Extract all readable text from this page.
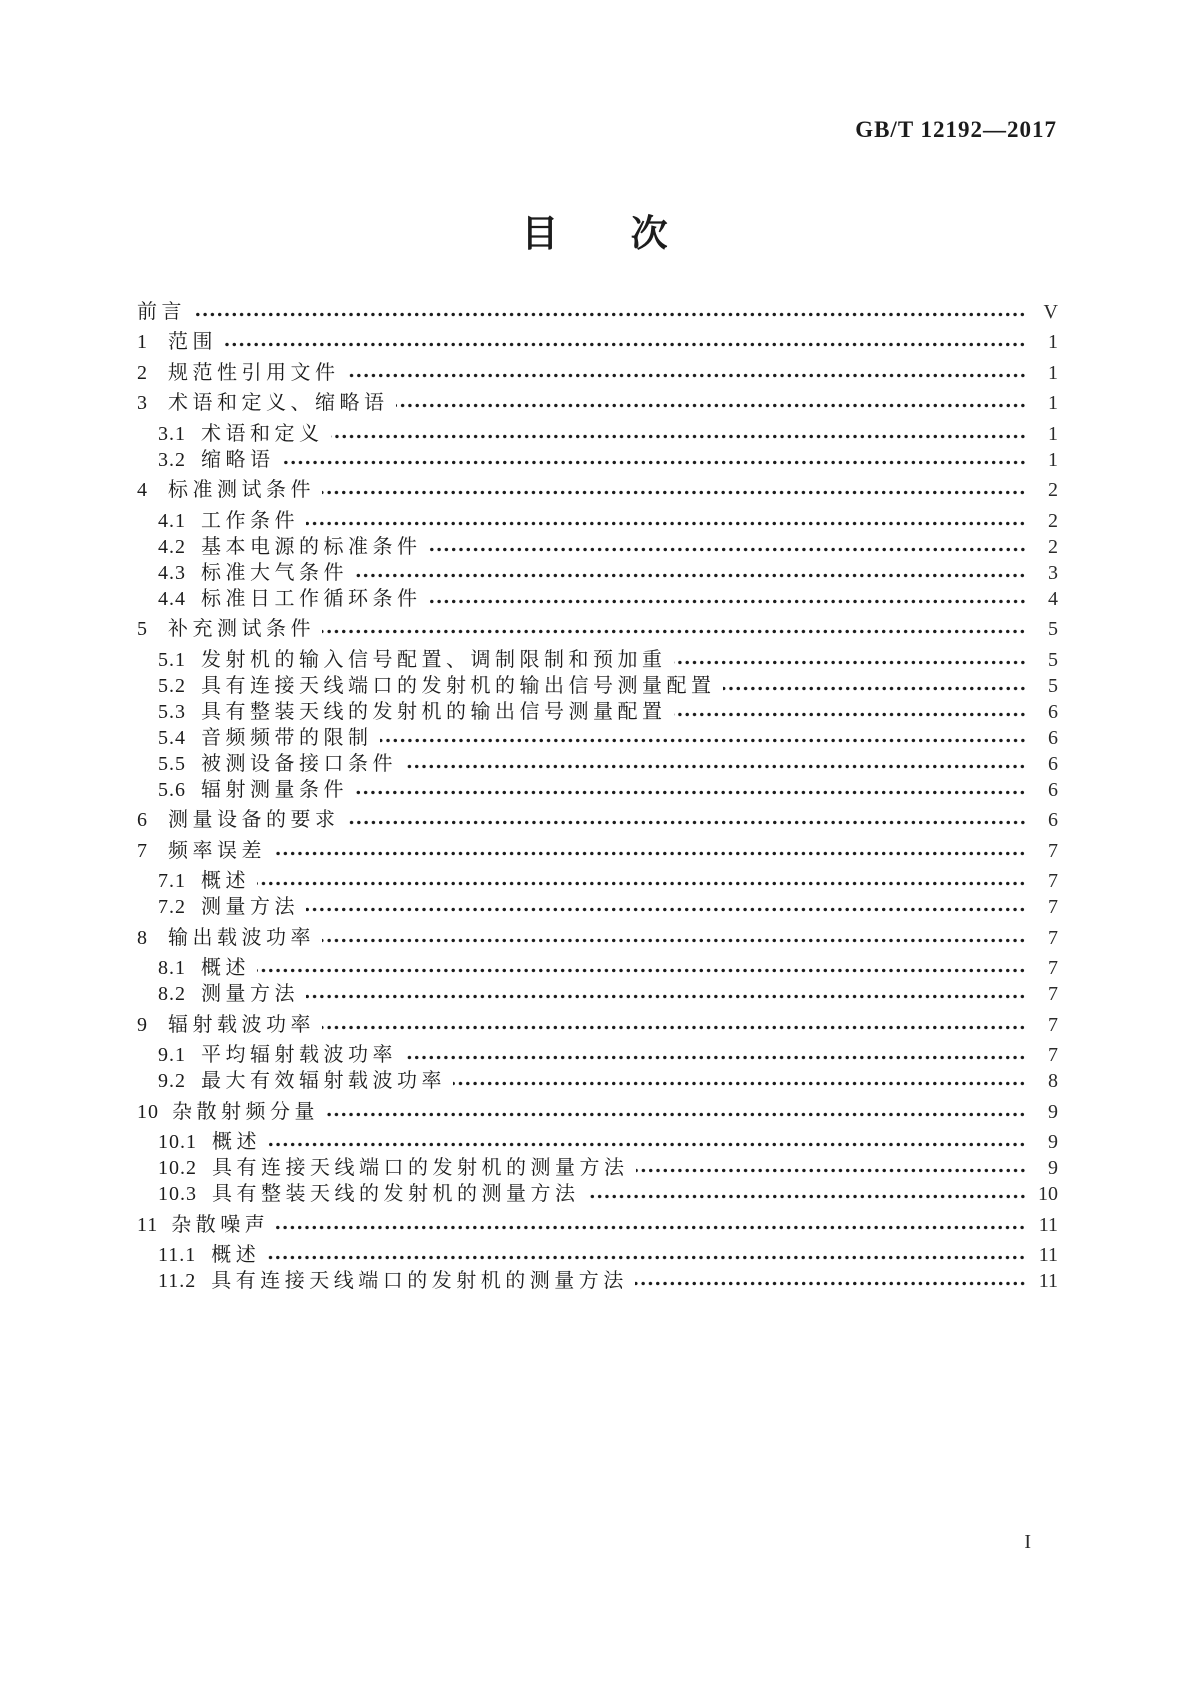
GB/T 12192—2017
目 次
前言	V
1	范围	1
2	规范性引用文件	1
3	术语和定义、缩略语	1
3.1 术语和定义	1
3.2 缩略语	1
4	标准测试条件	2
4.1 工作条件	2
4.2 基本电源的标准条件	2
4.3 标准大气条件	3
4.4 标准日工作循环条件	4
5	补充测试条件	5
5.1 发射机的输入信号配置、调制限制和预加重	5
5.2 具有连接天线端口的发射机的输出信号测量配置	5
5.3 具有整装天线的发射机的输出信号测量配置	6
5.4 音频频带的限制	6
5.5 被测设备接口条件	6
5.6 辐射测量条件	6
6	测量设备的要求	6
7	频率误差	7
7.1 概述	7
7.2 测量方法	7
8	输出载波功率	7
8.1 概述	7
8.2 测量方法	7
9	辐射载波功率	7
9.1 平均辐射载波功率	7
9.2 最大有效辐射载波功率	8
10 杂散射频分量	9
10.1 概述	9
10.2 具有连接天线端口的发射机的测量方法	9
10.3 具有整装天线的发射机的测量方法	10
11 杂散噪声	11
11.1 概述	11
11.2 具有连接天线端口的发射机的测量方法	11
I
